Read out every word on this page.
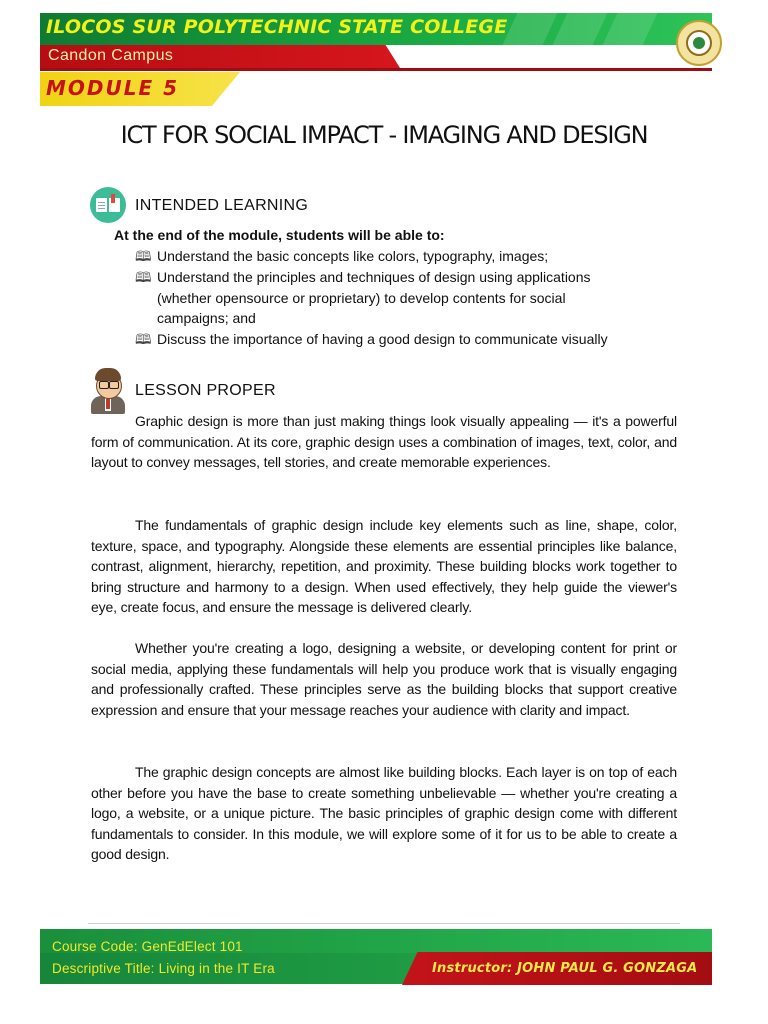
ILOCOS SUR POLYTECHNIC STATE COLLEGE
Candon Campus
MODULE 5
ICT FOR SOCIAL IMPACT - IMAGING AND DESIGN
INTENDED LEARNING
At the end of the module, students will be able to:
🕮 Understand the basic concepts like colors, typography, images;
🕮 Understand the principles and techniques of design using applications
(whether opensource or proprietary) to develop contents for social
campaigns; and
🕮 Discuss the importance of having a good design to communicate visually
LESSON PROPER
Graphic design is more than just making things look visually appealing — it's a powerful form of communication. At its core, graphic design uses a combination of images, text, color, and layout to convey messages, tell stories, and create memorable experiences.
The fundamentals of graphic design include key elements such as line, shape, color, texture, space, and typography. Alongside these elements are essential principles like balance, contrast, alignment, hierarchy, repetition, and proximity. These building blocks work together to bring structure and harmony to a design. When used effectively, they help guide the viewer's eye, create focus, and ensure the message is delivered clearly.
Whether you're creating a logo, designing a website, or developing content for print or social media, applying these fundamentals will help you produce work that is visually engaging and professionally crafted. These principles serve as the building blocks that support creative expression and ensure that your message reaches your audience with clarity and impact.
The graphic design concepts are almost like building blocks. Each layer is on top of each other before you have the base to create something unbelievable — whether you're creating a logo, a website, or a unique picture. The basic principles of graphic design come with different fundamentals to consider. In this module, we will explore some of it for us to be able to create a good design.
Course Code: GenEdElect 101
Descriptive Title: Living in the IT Era	Instructor: JOHN PAUL G. GONZAGA
